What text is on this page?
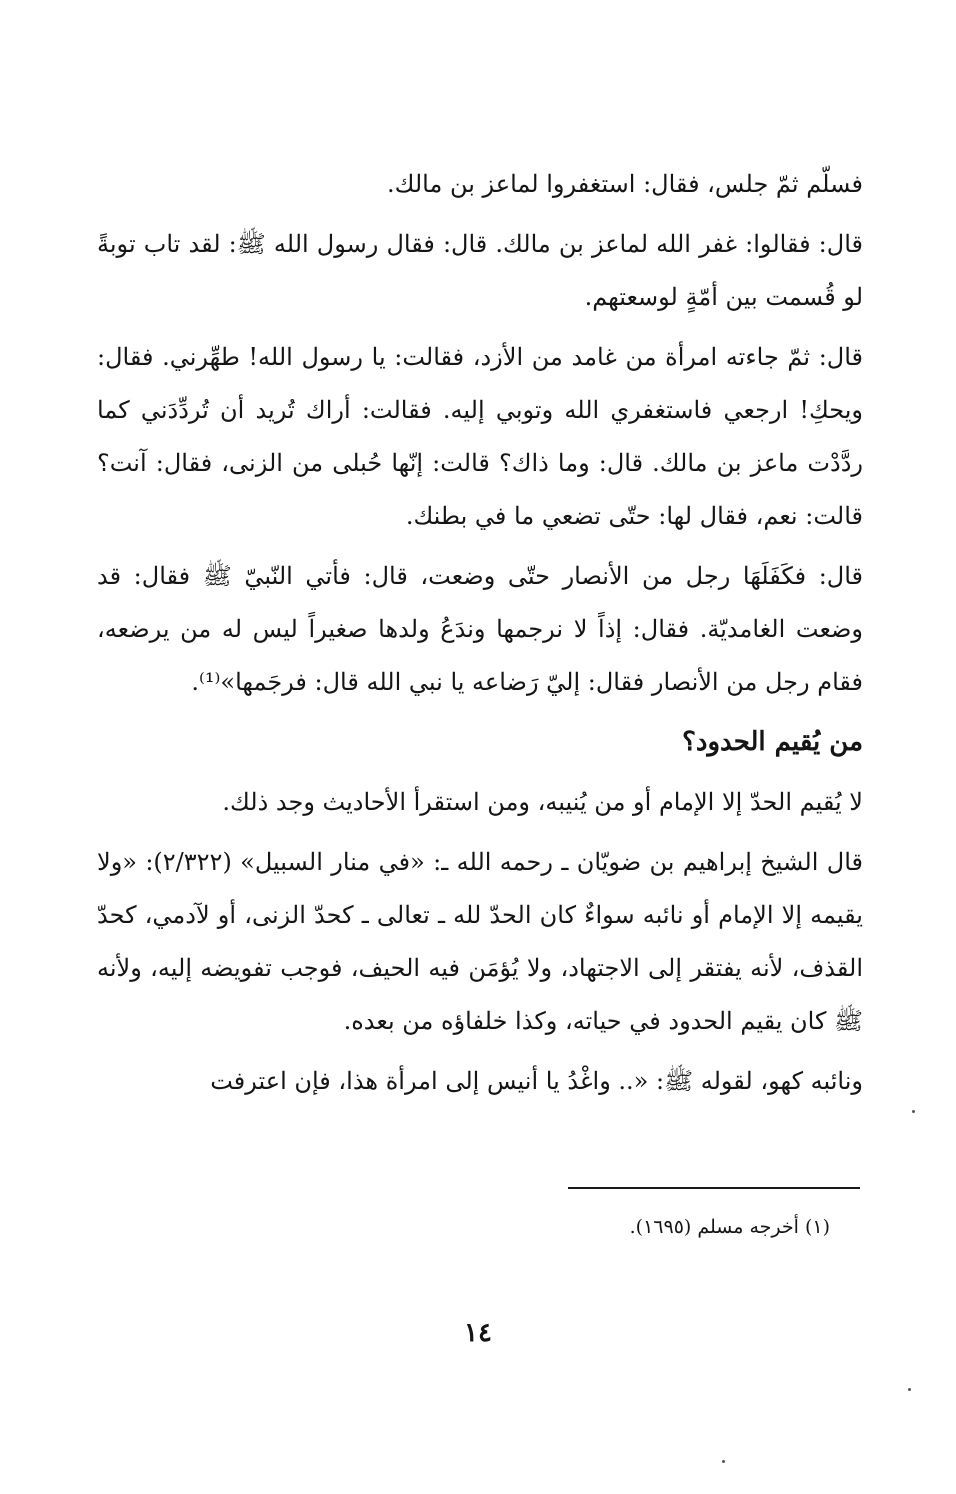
فسلّم ثمّ جلس، فقال: استغفروا لماعز بن مالك.

قال: فقالوا: غفر الله لماعز بن مالك. قال: فقال رسول الله ﷺ: لقد تاب توبةً لو قُسمت بين أمّةٍ لوسعتهم.

قال: ثمّ جاءته امرأة من غامد من الأزد، فقالت: يا رسول الله! طهِّرني. فقال: ويحكِ! ارجعي فاستغفري الله وتوبي إليه. فقالت: أراك تُريد أن تُردِّدَني كما ردَّدْت ماعز بن مالك. قال: وما ذاك؟ قالت: إنّها حُبلى من الزنى، فقال: آنت؟ قالت: نعم، فقال لها: حتّى تضعي ما في بطنك.

قال: فكَفَلَهَا رجل من الأنصار حتّى وضعت، قال: فأتي النّبيّ ﷺ فقال: قد وضعت الغامديّة. فقال: إذاً لا نرجمها وندَعُ ولدها صغيراً ليس له من يرضعه، فقام رجل من الأنصار فقال: إليّ رَضاعه يا نبي الله قال: فرجَمها»⁽¹⁾.

من يُقيم الحدود؟

لا يُقيم الحدّ إلا الإمام أو من يُنيبه، ومن استقرأ الأحاديث وجد ذلك.

قال الشيخ إبراهيم بن ضويّان ـ رحمه الله ـ: «في منار السبيل» (٢/٣٢٢): «ولا يقيمه إلا الإمام أو نائبه سواءٌ كان الحدّ لله ـ تعالى ـ كحدّ الزنى، أو لآدمي، كحدّ القذف، لأنه يفتقر إلى الاجتهاد، ولا يُؤمَن فيه الحيف، فوجب تفويضه إليه، ولأنه ﷺ كان يقيم الحدود في حياته، وكذا خلفاؤه من بعده.

ونائبه كهو، لقوله ﷺ: «.. واغْدُ يا أنيس إلى امرأة هذا، فإن اعترفت

(١) أخرجه مسلم (١٦٩٥).
١٤
